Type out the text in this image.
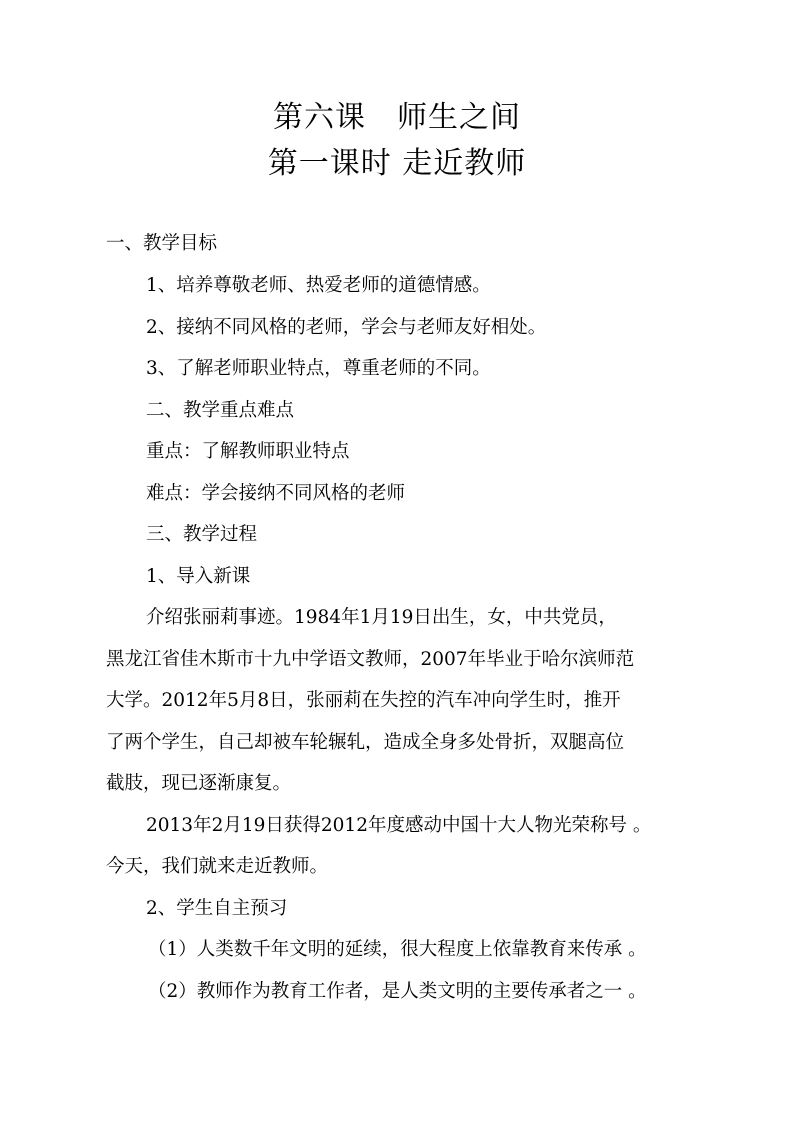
第六课　师生之间
第一课时 走近教师
一、教学目标
1、培养尊敬老师、热爱老师的道德情感。
2、接纳不同风格的老师，学会与老师友好相处。
3、了解老师职业特点，尊重老师的不同。
二、教学重点难点
重点：了解教师职业特点
难点：学会接纳不同风格的老师
三、教学过程
1、导入新课
介绍张丽莉事迹。1984年1月19日出生，女，中共党员，
黑龙江省佳木斯市十九中学语文教师，2007年毕业于哈尔滨师范
大学。2012年5月8日，张丽莉在失控的汽车冲向学生时，推开
了两个学生，自己却被车轮辗轧，造成全身多处骨折，双腿高位
截肢，现已逐渐康复。
2013年2月19日获得2012年度感动中国十大人物光荣称号 。
今天，我们就来走近教师。
2、学生自主预习
（1）人类数千年文明的延续，很大程度上依靠教育来传承 。
（2）教师作为教育工作者，是人类文明的主要传承者之一 。
